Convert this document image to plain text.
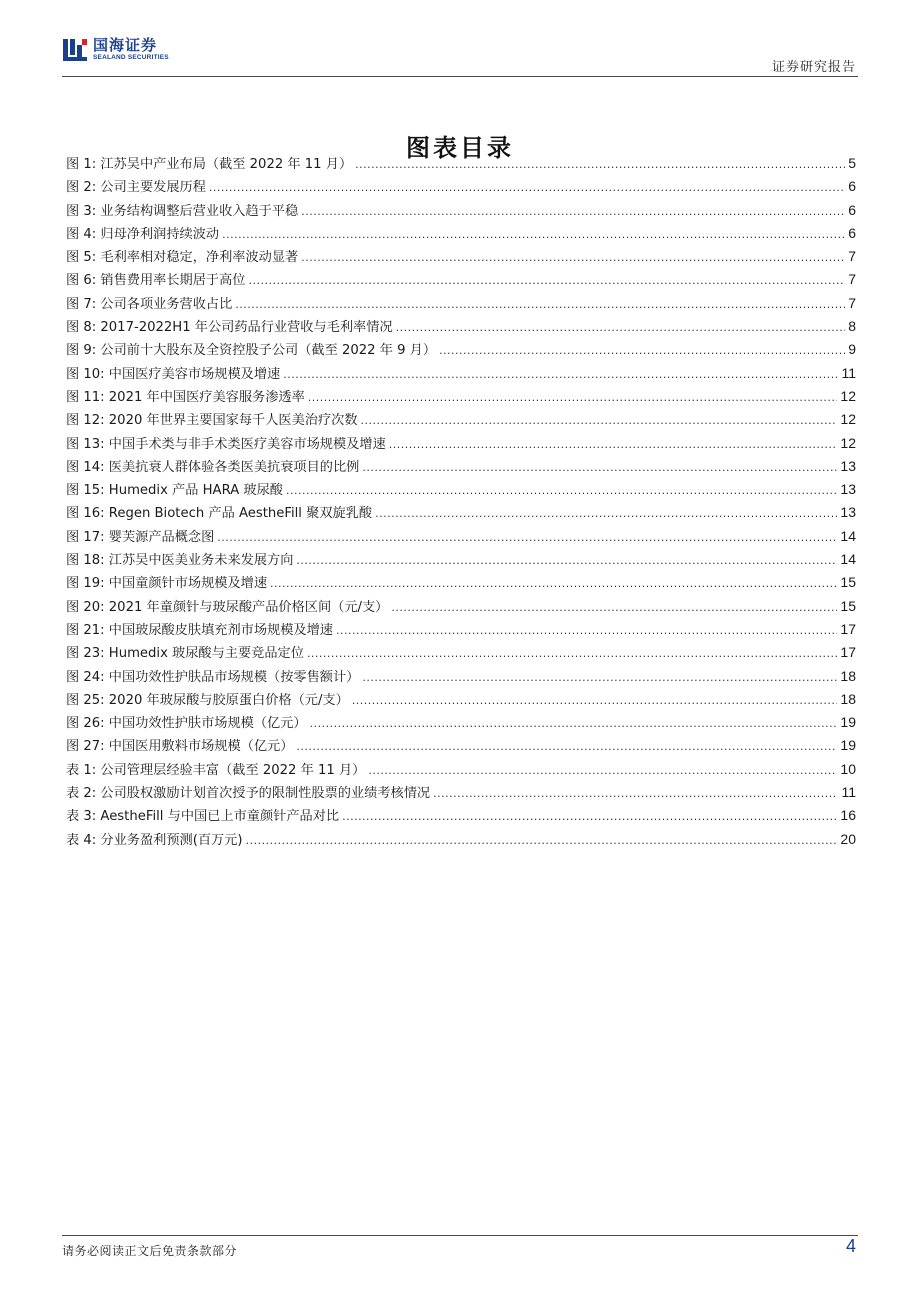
国海证券
SEALAND SECURITIES
证券研究报告
图表目录
图 1: 江苏吴中产业布局（截至 2022 年 11 月） .....	5
图 2: 公司主要发展历程 .....	6
图 3: 业务结构调整后营业收入趋于平稳 .....	6
图 4: 归母净利润持续波动 .....	6
图 5: 毛利率相对稳定，净利率波动显著 .....	7
图 6: 销售费用率长期居于高位 .....	7
图 7: 公司各项业务营收占比 .....	7
图 8: 2017-2022H1 年公司药品行业营收与毛利率情况 .....	8
图 9: 公司前十大股东及全资控股子公司（截至 2022 年 9 月） .....	9
图 10: 中国医疗美容市场规模及增速 .....	11
图 11: 2021 年中国医疗美容服务渗透率 .....	12
图 12: 2020 年世界主要国家每千人医美治疗次数 .....	12
图 13: 中国手术类与非手术类医疗美容市场规模及增速 .....	12
图 14: 医美抗衰人群体验各类医美抗衰项目的比例 .....	13
图 15: Humedix 产品 HARA 玻尿酸 .....	13
图 16: Regen Biotech 产品 AestheFill 聚双旋乳酸 .....	13
图 17: 婴芙源产品概念图 .....	14
图 18: 江苏吴中医美业务未来发展方向 .....	14
图 19: 中国童颜针市场规模及增速 .....	15
图 20: 2021 年童颜针与玻尿酸产品价格区间（元/支） .....	15
图 21: 中国玻尿酸皮肤填充剂市场规模及增速 .....	17
图 23: Humedix 玻尿酸与主要竞品定位 .....	17
图 24: 中国功效性护肤品市场规模（按零售额计） .....	18
图 25: 2020 年玻尿酸与胶原蛋白价格（元/支） .....	18
图 26: 中国功效性护肤市场规模（亿元） .....	19
图 27: 中国医用敷料市场规模（亿元） .....	19
表 1: 公司管理层经验丰富（截至 2022 年 11 月） .....	10
表 2: 公司股权激励计划首次授予的限制性股票的业绩考核情况 .....	11
表 3: AestheFill 与中国已上市童颜针产品对比 .....	16
表 4: 分业务盈利预测(百万元) .....	20
请务必阅读正文后免责条款部分	4
